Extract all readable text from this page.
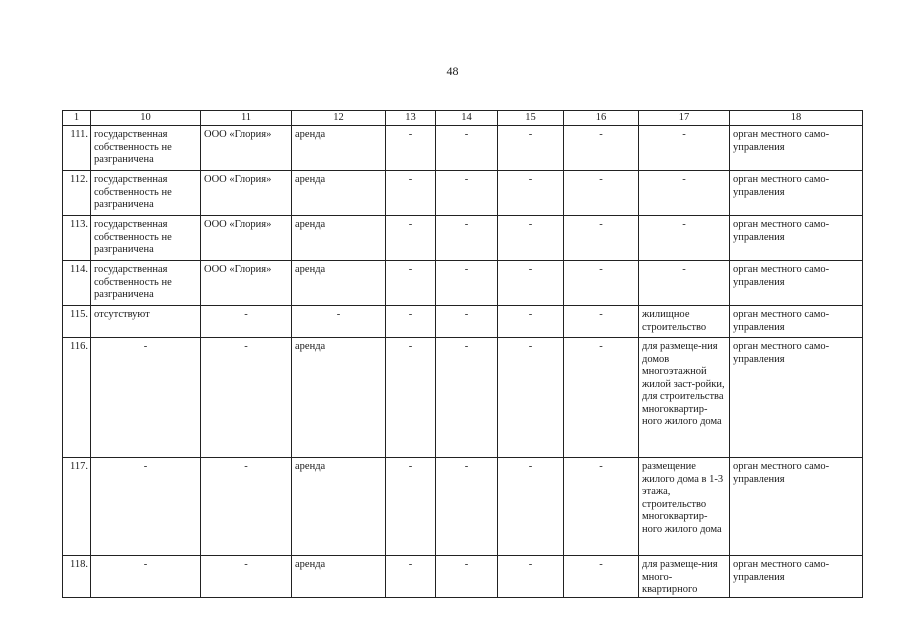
48
1	10	11	12	13	14	15	16	17	18
111.	государственная собственность не разграничена	ООО «Глория»	аренда	-	-	-	-	-	орган местного само-управления
112.	государственная собственность не разграничена	ООО «Глория»	аренда	-	-	-	-	-	орган местного само-управления
113.	государственная собственность не разграничена	ООО «Глория»	аренда	-	-	-	-	-	орган местного само-управления
114.	государственная собственность не разграничена	ООО «Глория»	аренда	-	-	-	-	-	орган местного само-управления
115.	отсутствуют	-	-	-	-	-	-	жилищное строительство	орган местного само-управления
116.	-	-	аренда	-	-	-	-	для размеще-ния домов многоэтажной жилой заст-ройки, для строительства многоквартир-ного жилого дома	орган местного само-управления
117.	-	-	аренда	-	-	-	-	размещение жилого дома в 1-3 этажа, строительство многоквартир-ного жилого дома	орган местного само-управления
118.	-	-	аренда	-	-	-	-	для размеще-ния много-квартирного	орган местного само-управления
